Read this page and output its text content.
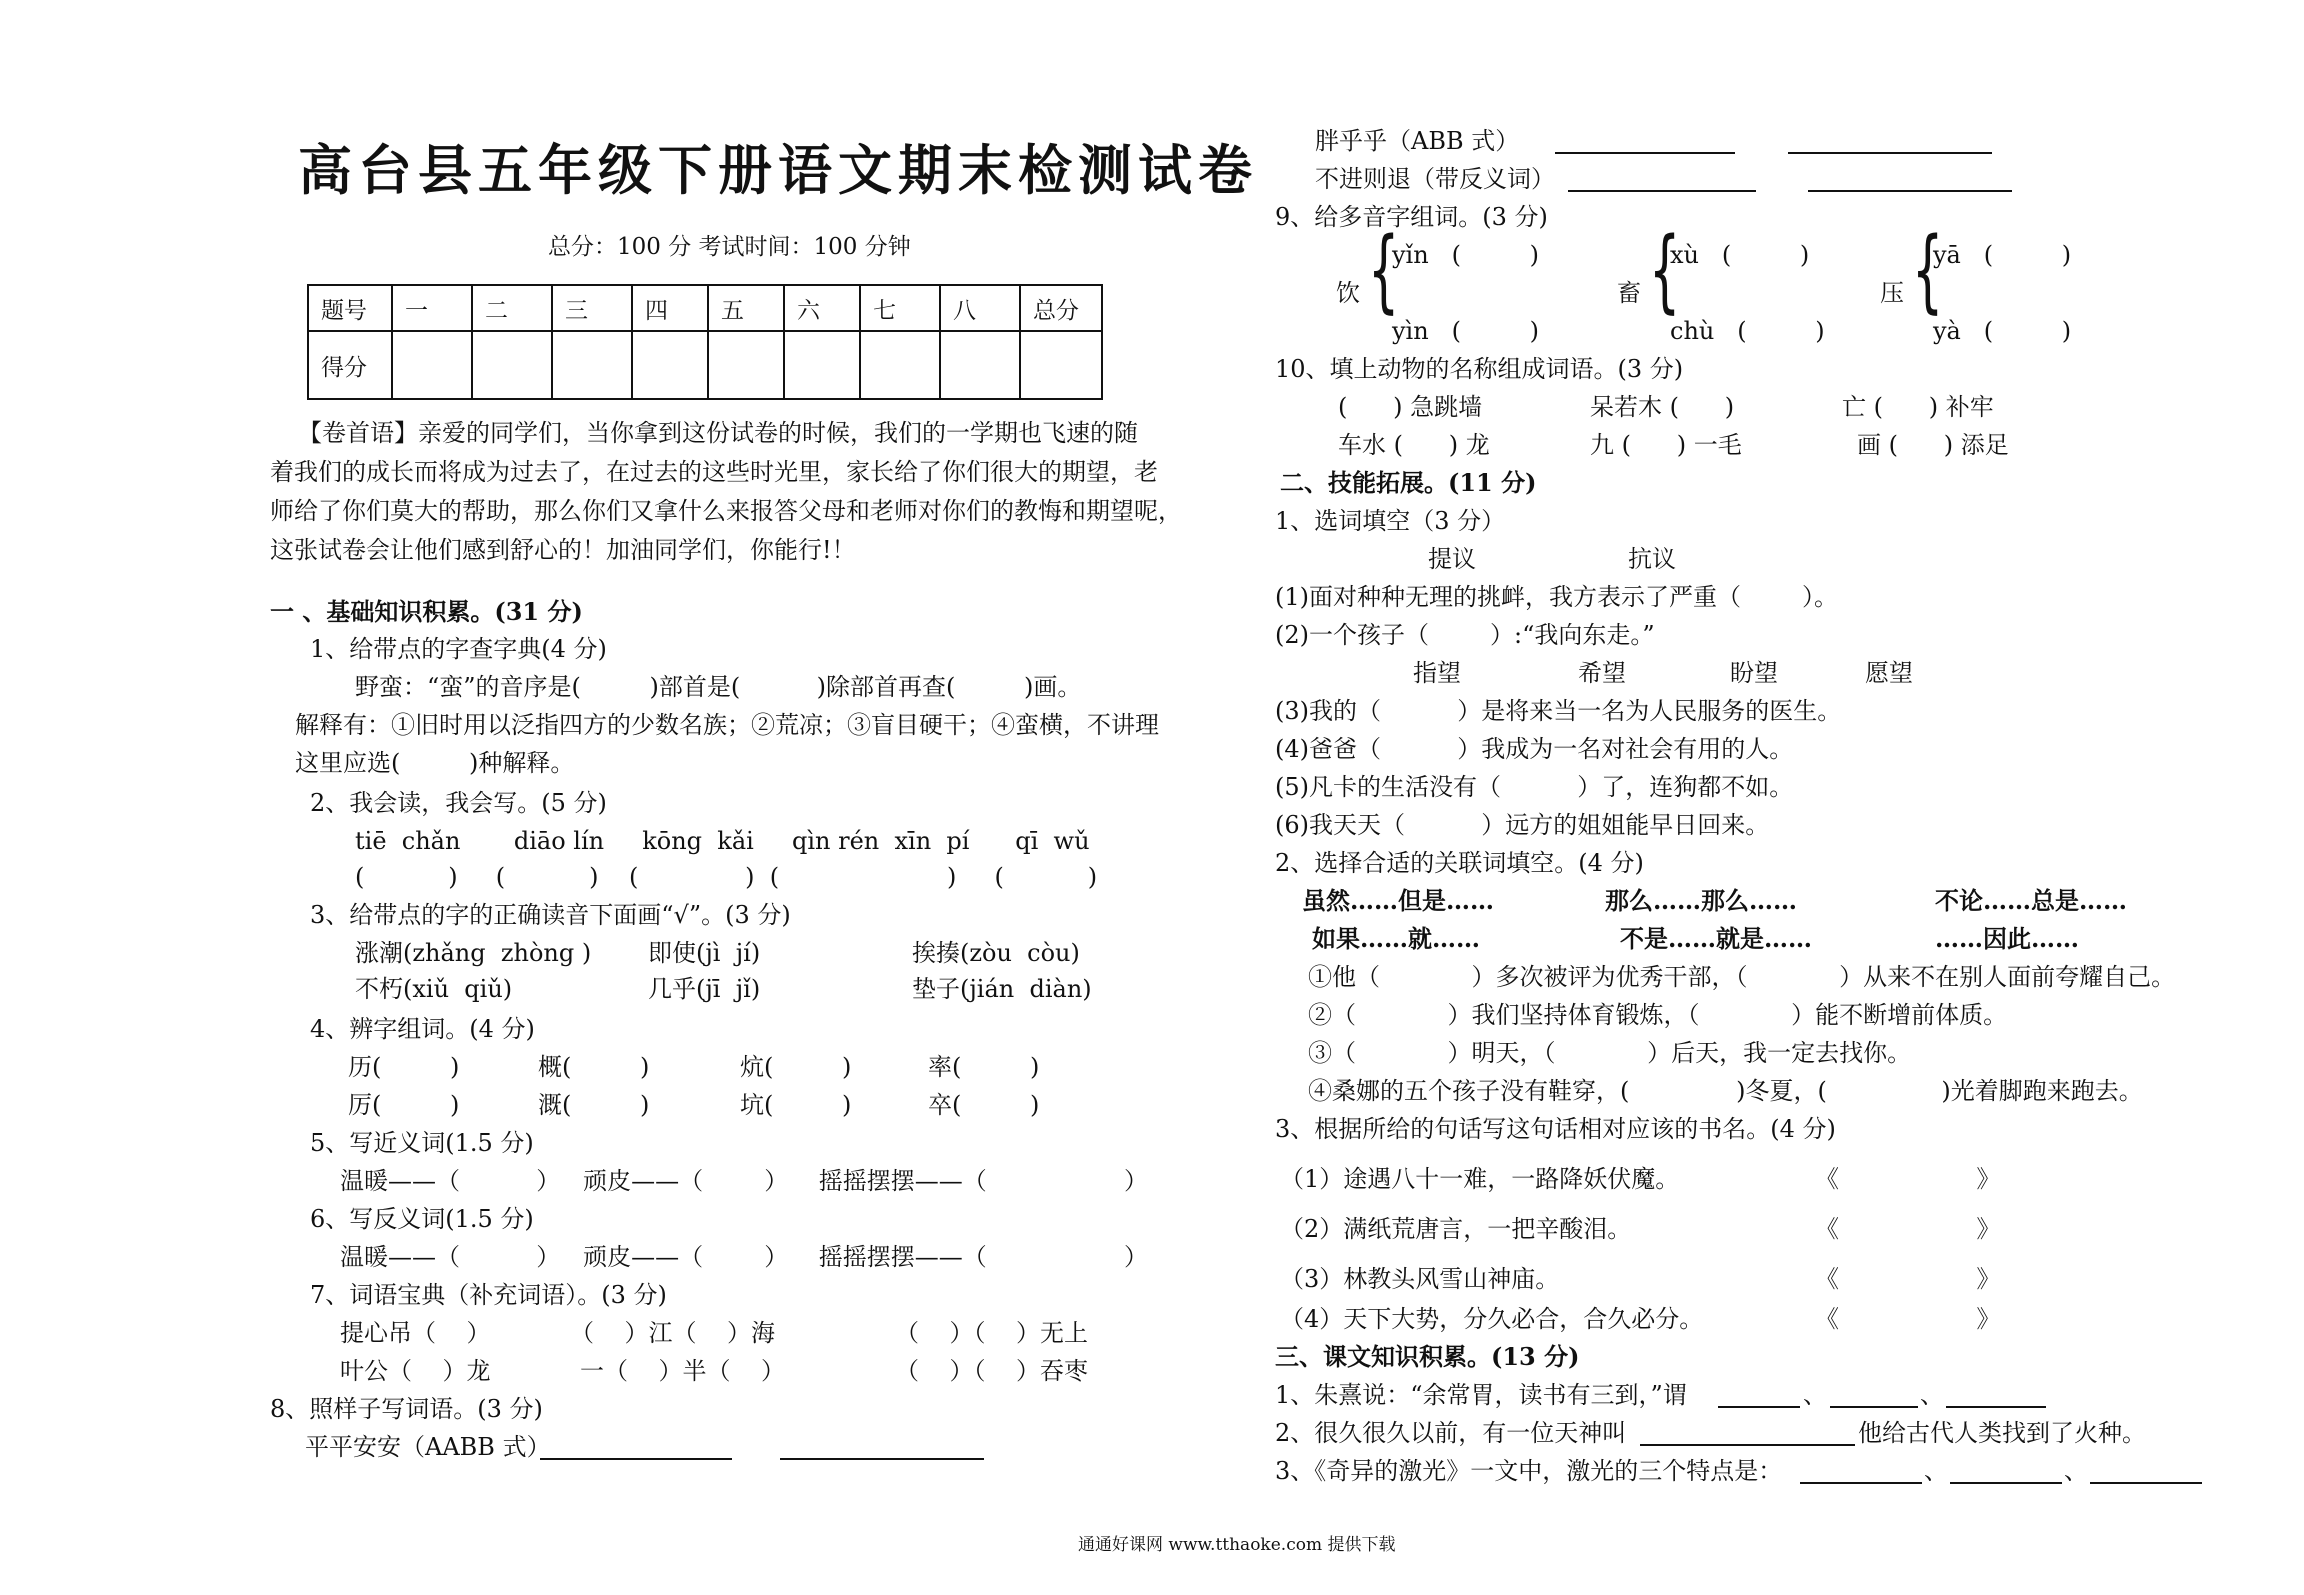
高台县五年级下册语文期末检测试卷
总分：100 分 考试时间：100 分钟
题号	一	二	三	四	五	六	七	八	总分
得分									
【卷首语】亲爱的同学们，当你拿到这份试卷的时候，我们的一学期也飞速的随
着我们的成长而将成为过去了，在过去的这些时光里，家长给了你们很大的期望，老
师给了你们莫大的帮助，那么你们又拿什么来报答父母和老师对你们的教悔和期望呢，
这张试卷会让他们感到舒心的！加油同学们，你能行!！
一 、基础知识积累。(31 分)
1、给带点的字查字典(4 分)
野蛮：“蛮”的音序是(         )部首是(          )除部首再查(         )画。
解释有：①旧时用以泛指四方的少数名族；②荒凉；③盲目硬干；④蛮横，不讲理
这里应选(         )种解释。
2、我会读，我会写。(5 分)
tiē  chǎn       diāo lín     kōng  kǎi     qìn rén  xīn  pí      qī  wǔ
(           )     (           )    (              )  (                      )     (           )
3、给带点的字的正确读音下面画“√”。(3 分)
涨潮(zhǎng  zhòng ) 即使(jì  jí)	挨揍(zòu  còu)
不朽(xiǔ  qiǔ)	几乎(jī  jǐ)	垫子(jián  diàn)
4、辨字组词。(4 分)
历(         )	概(         )	炕(         )	率(         )
厉(         )	溉(         )	坑(         )	卒(         )
5、写近义词(1.5 分)
温暖——（          ）   顽皮——（        ）    摇摇摆摆——（                  ）
6、写反义词(1.5 分)
温暖——（          ）   顽皮——（        ）    摇摇摆摆——（                  ）
7、词语宝典（补充词语）。(3 分)
提心吊（    ）	（    ）江（    ）海	（    ）（    ）无上
叶公（    ）龙	一（    ）半（    ）	（    ）（    ）吞枣
8、照样子写词语。(3 分)
平平安安（AABB 式）
胖乎乎（ABB 式）
不进则退（带反义词）
9、给多音字组词。(3 分)
饮 {
yǐn   (         )
yìn   (         )
畜 {
xù   (         )
chù   (         )
压 {
yā   (         )
yà   (         )
10、填上动物的名称组成词语。(3 分)
(      ) 急跳墙	呆若木 (      )	亡 (      ) 补牢
车水 (      ) 龙	九 (      ) 一毛	画 (      ) 添足
二、技能拓展。(11 分)
1、选词填空（3 分）
提议	抗议
(1)面对种种无理的挑衅，我方表示了严重（        ）。
(2)一个孩子（        ）:“我向东走。”
指望	希望	盼望	愿望
(3)我的（          ）是将来当一名为人民服务的医生。
(4)爸爸（          ）我成为一名对社会有用的人。
(5)凡卡的生活没有（          ）了，连狗都不如。
(6)我天天（          ）远方的姐姐能早日回来。
2、选择合适的关联词填空。(4 分)
虽然……但是……	那么……那么……	不论……总是……
如果……就……	不是……就是……	……因此……
①他（            ）多次被评为优秀干部，（            ）从来不在别人面前夸耀自己。
②（            ）我们坚持体育锻炼，（            ）能不断增前体质。
③（            ）明天，（            ）后天，我一定去找你。
④桑娜的五个孩子没有鞋穿，(              )冬夏，(               )光着脚跑来跑去。
3、根据所给的句话写这句话相对应该的书名。(4 分)
（1）途遇八十一难，一路降妖伏魔。	《                  》
（2）满纸荒唐言，一把辛酸泪。	《                  》
（3）林教头风雪山神庙。	《                  》
（4）天下大势，分久必合，合久必分。	《                  》
三、课文知识积累。(13 分)
1、朱熹说：“余常胃，读书有三到，”谓	、	、
2、很久很久以前，有一位天神叫	他给古代人类找到了火种。
3、《奇异的激光》一文中，激光的三个特点是：	、	、
通通好课网 www.tthaoke.com 提供下载
